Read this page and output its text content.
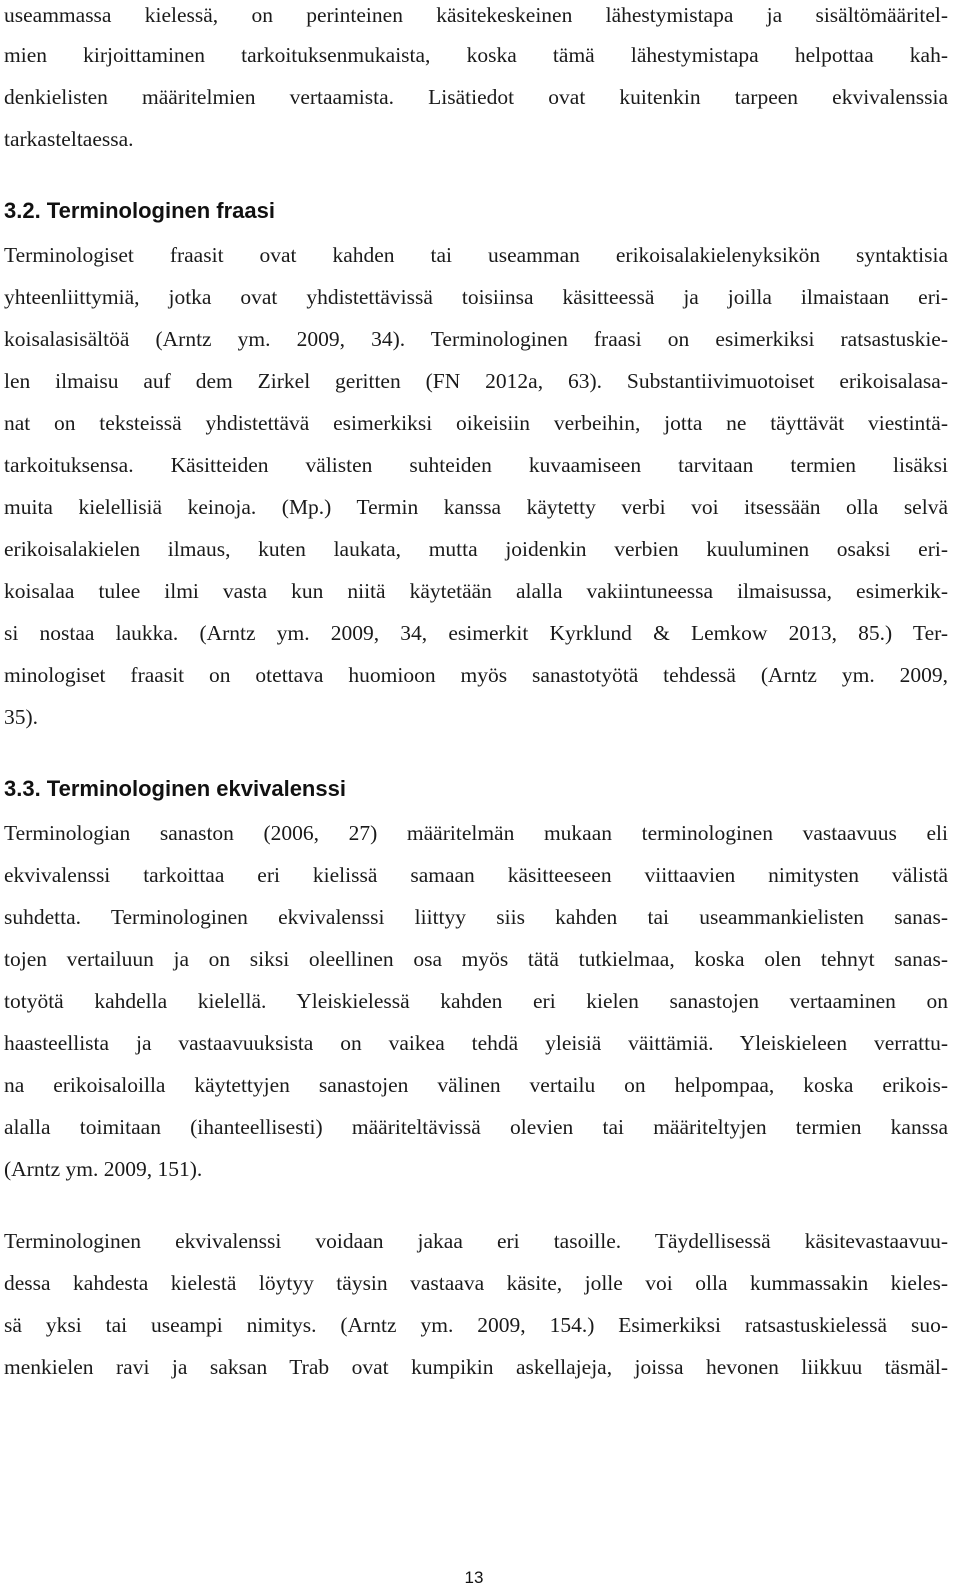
useammassa kielessä, on perinteinen käsitekeskeinen lähestymistapa ja sisältömääritel-
mien kirjoittaminen tarkoituksenmukaista, koska tämä lähestymistapa helpottaa kah-
denkielisten määritelmien vertaamista. Lisätiedot ovat kuitenkin tarpeen ekvivalenssia
tarkasteltaessa.
3.2. Terminologinen fraasi
Terminologiset fraasit ovat kahden tai useamman erikoisalakielenyksikön syntaktisia
yhteenliittymiä, jotka ovat yhdistettävissä toisiinsa käsitteessä ja joilla ilmaistaan eri-
koisalasisältöä (Arntz ym. 2009, 34). Terminologinen fraasi on esimerkiksi ratsastuskie-
len ilmaisu auf dem Zirkel geritten (FN 2012a, 63). Substantiivimuotoiset erikoisalasa-
nat on teksteissä yhdistettävä esimerkiksi oikeisiin verbeihin, jotta ne täyttävät viestintä-
tarkoituksensa. Käsitteiden välisten suhteiden kuvaamiseen tarvitaan termien lisäksi
muita kielellisiä keinoja. (Mp.) Termin kanssa käytetty verbi voi itsessään olla selvä
erikoisalakielen ilmaus, kuten laukata, mutta joidenkin verbien kuuluminen osaksi eri-
koisalaa tulee ilmi vasta kun niitä käytetään alalla vakiintuneessa ilmaisussa, esimerkik-
si nostaa laukka. (Arntz ym. 2009, 34, esimerkit Kyrklund & Lemkow 2013, 85.) Ter-
minologiset fraasit on otettava huomioon myös sanastotyötä tehdessä (Arntz ym. 2009,
35).
3.3. Terminologinen ekvivalenssi
Terminologian sanaston (2006, 27) määritelmän mukaan terminologinen vastaavuus eli
ekvivalenssi tarkoittaa eri kielissä samaan käsitteeseen viittaavien nimitysten välistä
suhdetta. Terminologinen ekvivalenssi liittyy siis kahden tai useammankielisten sanas-
tojen vertailuun ja on siksi oleellinen osa myös tätä tutkielmaa, koska olen tehnyt sanas-
totyötä kahdella kielellä. Yleiskielessä kahden eri kielen sanastojen vertaaminen on
haasteellista ja vastaavuuksista on vaikea tehdä yleisiä väittämiä. Yleiskieleen verrattu-
na erikoisaloilla käytettyjen sanastojen välinen vertailu on helpompaa, koska erikois-
alalla toimitaan (ihanteellisesti) määriteltävissä olevien tai määriteltyjen termien kanssa
(Arntz ym. 2009, 151).
Terminologinen ekvivalenssi voidaan jakaa eri tasoille. Täydellisessä käsitevastaavuu-
dessa kahdesta kielestä löytyy täysin vastaava käsite, jolle voi olla kummassakin kieles-
sä yksi tai useampi nimitys. (Arntz ym. 2009, 154.) Esimerkiksi ratsastuskielessä suo-
menkielen ravi ja saksan Trab ovat kumpikin askellajeja, joissa hevonen liikkuu täsmäl-
13
